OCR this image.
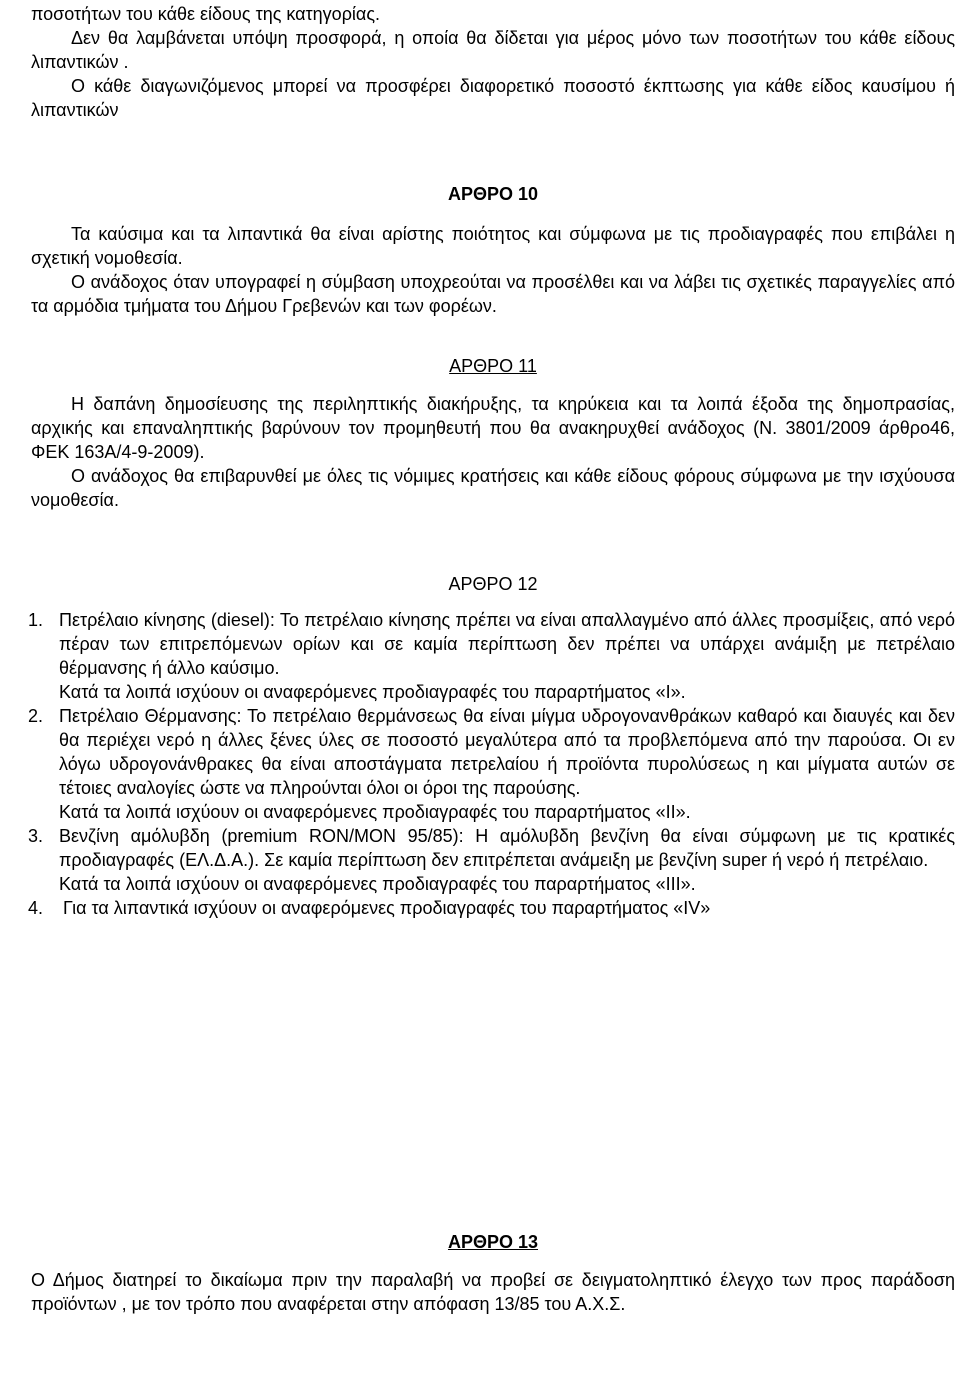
ποσοτήτων του κάθε είδους της κατηγορίας.

Δεν θα λαμβάνεται υπόψη προσφορά, η οποία θα δίδεται για μέρος μόνο των ποσοτήτων του κάθε είδους λιπαντικών .

Ο κάθε διαγωνιζόμενος μπορεί να προσφέρει διαφορετικό ποσοστό έκπτωσης για κάθε είδος καυσίμου ή λιπαντικών

ΑΡΘΡΟ 10

Τα καύσιμα και τα λιπαντικά θα είναι αρίστης ποιότητος και σύμφωνα με τις προδιαγραφές που επιβάλει η σχετική νομοθεσία.

Ο ανάδοχος όταν υπογραφεί η σύμβαση υποχρεούται να προσέλθει και να λάβει τις σχετικές παραγγελίες από τα αρμόδια τμήματα του Δήμου Γρεβενών και των φορέων.

ΑΡΘΡΟ 11

Η δαπάνη δημοσίευσης της περιληπτικής διακήρυξης, τα κηρύκεια και τα λοιπά έξοδα της δημοπρασίας, αρχικής και επαναληπτικής βαρύνουν τον προμηθευτή που θα ανακηρυχθεί ανάδοχος (Ν. 3801/2009 άρθρο46, ΦΕΚ 163Α/4-9-2009).

Ο ανάδοχος θα επιβαρυνθεί με όλες τις νόμιμες κρατήσεις και κάθε είδους φόρους σύμφωνα με την ισχύουσα νομοθεσία.

ΑΡΘΡΟ 12

1. Πετρέλαιο κίνησης (diesel): Το πετρέλαιο κίνησης πρέπει να είναι απαλλαγμένο από άλλες προσμίξεις, από νερό πέραν των επιτρεπόμενων ορίων και σε καμία περίπτωση δεν πρέπει να υπάρχει ανάμιξη με πετρέλαιο θέρμανσης ή άλλο καύσιμο.

Κατά τα λοιπά ισχύουν οι αναφερόμενες προδιαγραφές του παραρτήματος «Ι».

2. Πετρέλαιο Θέρμανσης: Το πετρέλαιο θερμάνσεως θα είναι μίγμα υδρογονανθράκων καθαρό και διαυγές και δεν θα περιέχει νερό η άλλες ξένες ύλες σε ποσοστό μεγαλύτερα από τα προβλεπόμενα από την παρούσα. Οι εν λόγω υδρογονάνθρακες θα είναι αποστάγματα πετρελαίου ή προϊόντα πυρολύσεως η και μίγματα αυτών σε τέτοιες αναλογίες ώστε να πληρούνται όλοι οι όροι της παρούσης.

Κατά τα λοιπά ισχύουν οι αναφερόμενες προδιαγραφές του παραρτήματος «ΙΙ».

3. Βενζίνη αμόλυβδη (premium RON/MON 95/85): Η αμόλυβδη βενζίνη θα είναι σύμφωνη με τις κρατικές προδιαγραφές (ΕΛ.Δ.Α.). Σε καμία περίπτωση δεν επιτρέπεται ανάμειξη με βενζίνη super ή νερό ή πετρέλαιο.

Κατά τα λοιπά ισχύουν οι αναφερόμενες προδιαγραφές του παραρτήματος «ΙΙΙ».

4. Για τα λιπαντικά ισχύουν οι αναφερόμενες προδιαγραφές του παραρτήματος «ΙV»

ΑΡΘΡΟ 13

Ο Δήμος διατηρεί το δικαίωμα πριν την παραλαβή να προβεί σε δειγματοληπτικό έλεγχο των προς παράδοση προϊόντων , με τον τρόπο που αναφέρεται στην απόφαση 13/85 του Α.Χ.Σ.
